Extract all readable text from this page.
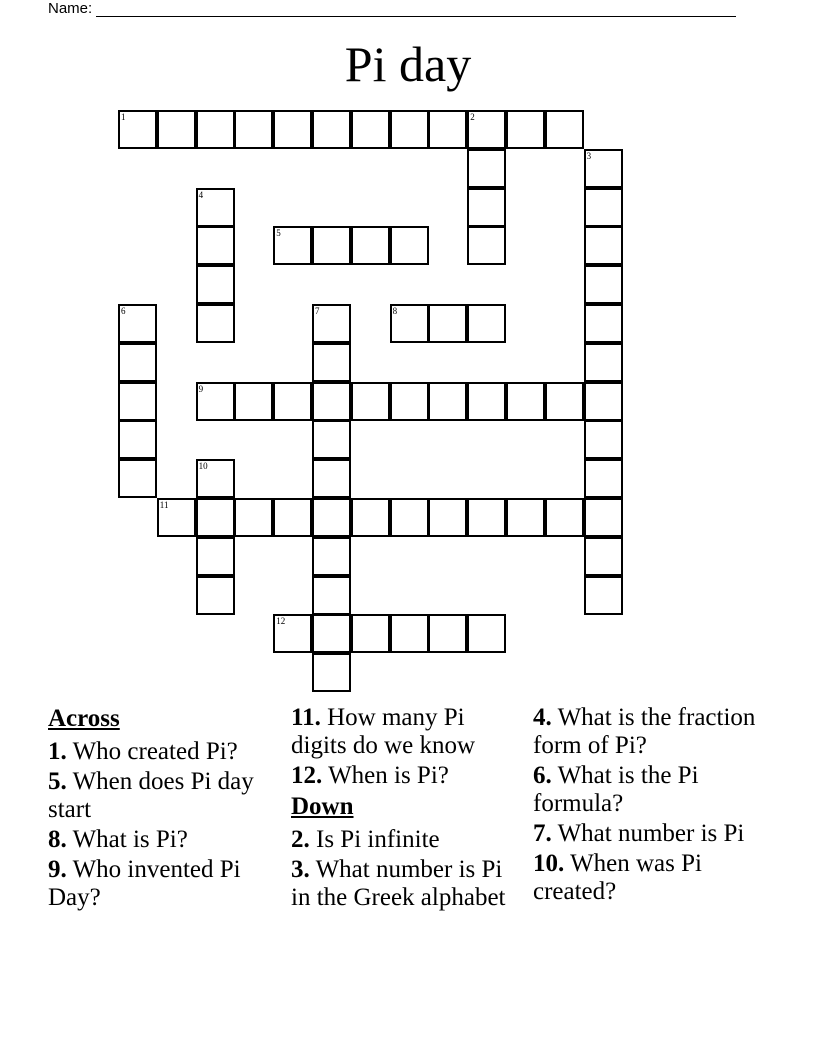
Name:
Pi day
1	2
3
4
5
6	7	8
9
10
11
12
Across
1. Who created Pi?
5. When does Pi day start
8. What is Pi?
9. Who invented Pi Day?
11. How many Pi digits do we know
12. When is Pi?
Down
2. Is Pi infinite
3. What number is Pi in the Greek alphabet
4. What is the fraction form of Pi?
6. What is the Pi formula?
7. What number is Pi
10. When was Pi created?
